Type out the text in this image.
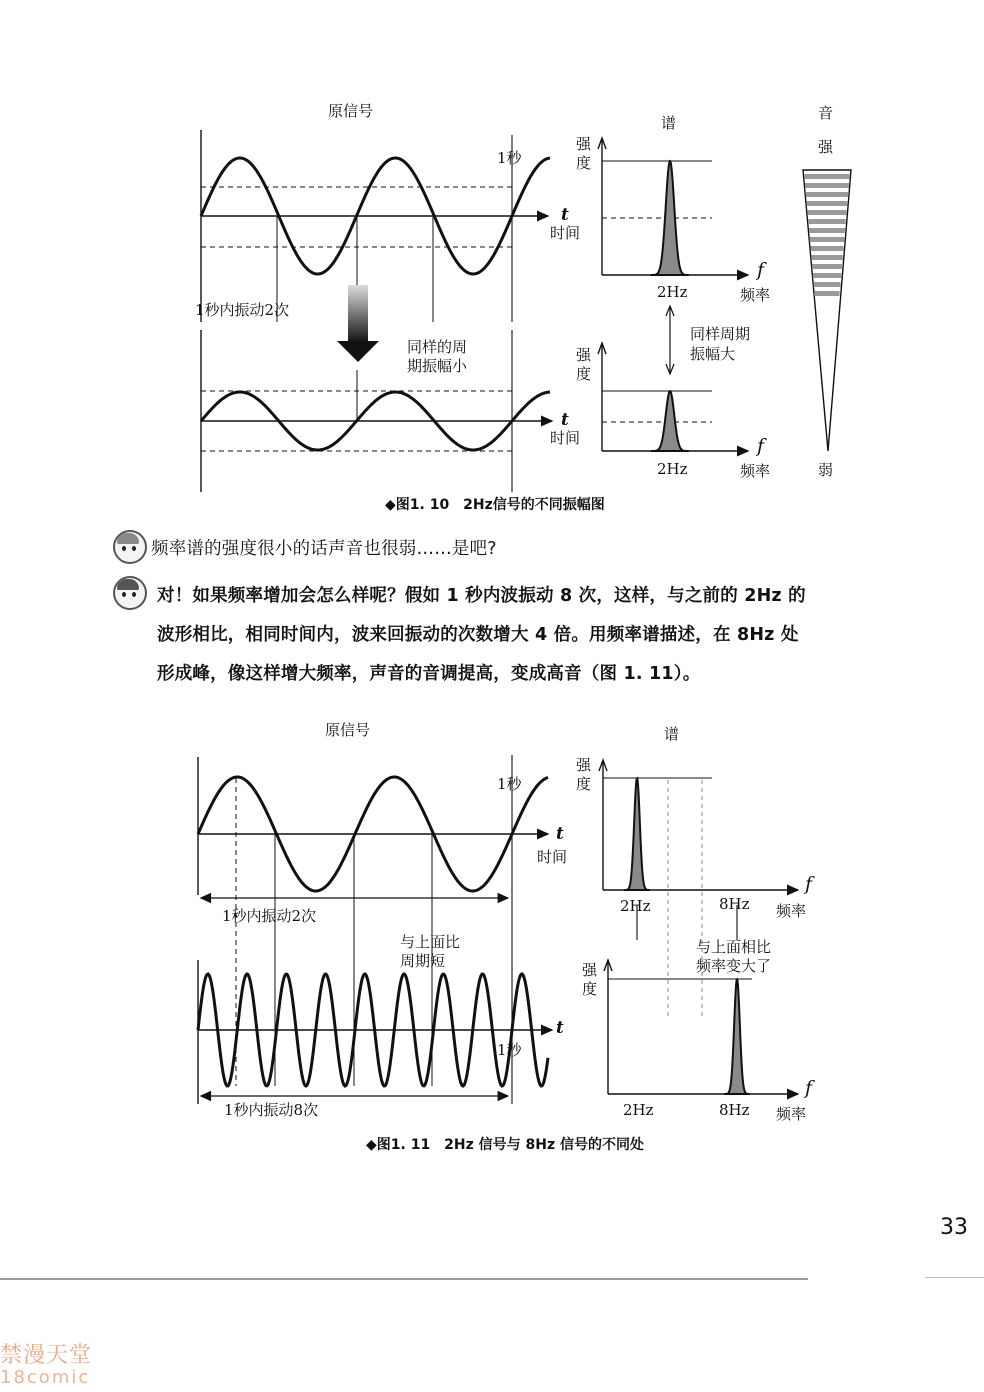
原信号
谱
1秒
t
时间
1秒内振动2次
同样的周
期振幅小
t
时间
强
度
强
度
2Hz
2Hz
f
f
频率
频率
同样周期
振幅大
音
强
弱
◆图1. 10　2Hz信号的不同振幅图
频率谱的强度很小的话声音也很弱……是吧?
对！如果频率增加会怎么样呢？假如 1 秒内波振动 8 次，这样，与之前的 2Hz 的
波形相比，相同时间内，波来回振动的次数增大 4 倍。用频率谱描述，在 8Hz 处
形成峰，像这样增大频率，声音的音调提高，变成高音（图 1. 11）。
原信号	谱
1秒
t
时间
1秒内振动2次
与上面比
周期短
t
1秒
1秒内振动8次
强
度
强
度
2Hz	8Hz
f
频率
与上面相比
频率变大了
2Hz	8Hz
f
频率
◆图1. 11　2Hz 信号与 8Hz 信号的不同处
33
禁漫天堂
18comic
